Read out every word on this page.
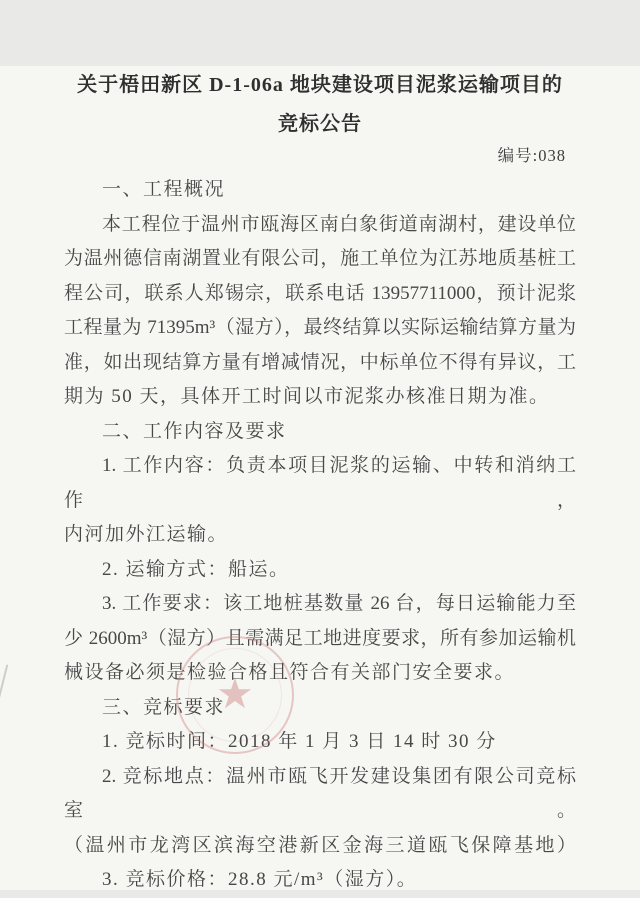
关于梧田新区 D-1-06a 地块建设项目泥浆运输项目的
竞标公告
编号:038
一、工程概况
本工程位于温州市瓯海区南白象街道南湖村，建设单位
为温州德信南湖置业有限公司，施工单位为江苏地质基桩工
程公司，联系人郑锡宗，联系电话 13957711000，预计泥浆
工程量为 71395m³（湿方），最终结算以实际运输结算方量为
准，如出现结算方量有增减情况，中标单位不得有异议，工
期为 50 天，具体开工时间以市泥浆办核准日期为准。
二、工作内容及要求
1. 工作内容：负责本项目泥浆的运输、中转和消纳工作，
内河加外江运输。
2. 运输方式：船运。
3. 工作要求：该工地桩基数量 26 台，每日运输能力至
少 2600m³（湿方）且需满足工地进度要求，所有参加运输机
械设备必须是检验合格且符合有关部门安全要求。
三、竞标要求
1. 竞标时间：2018 年 1 月 3 日 14 时 30 分
2. 竞标地点：温州市瓯飞开发建设集团有限公司竞标室。
（温州市龙湾区滨海空港新区金海三道瓯飞保障基地）
3. 竞标价格：28.8 元/m³（湿方）。
★
